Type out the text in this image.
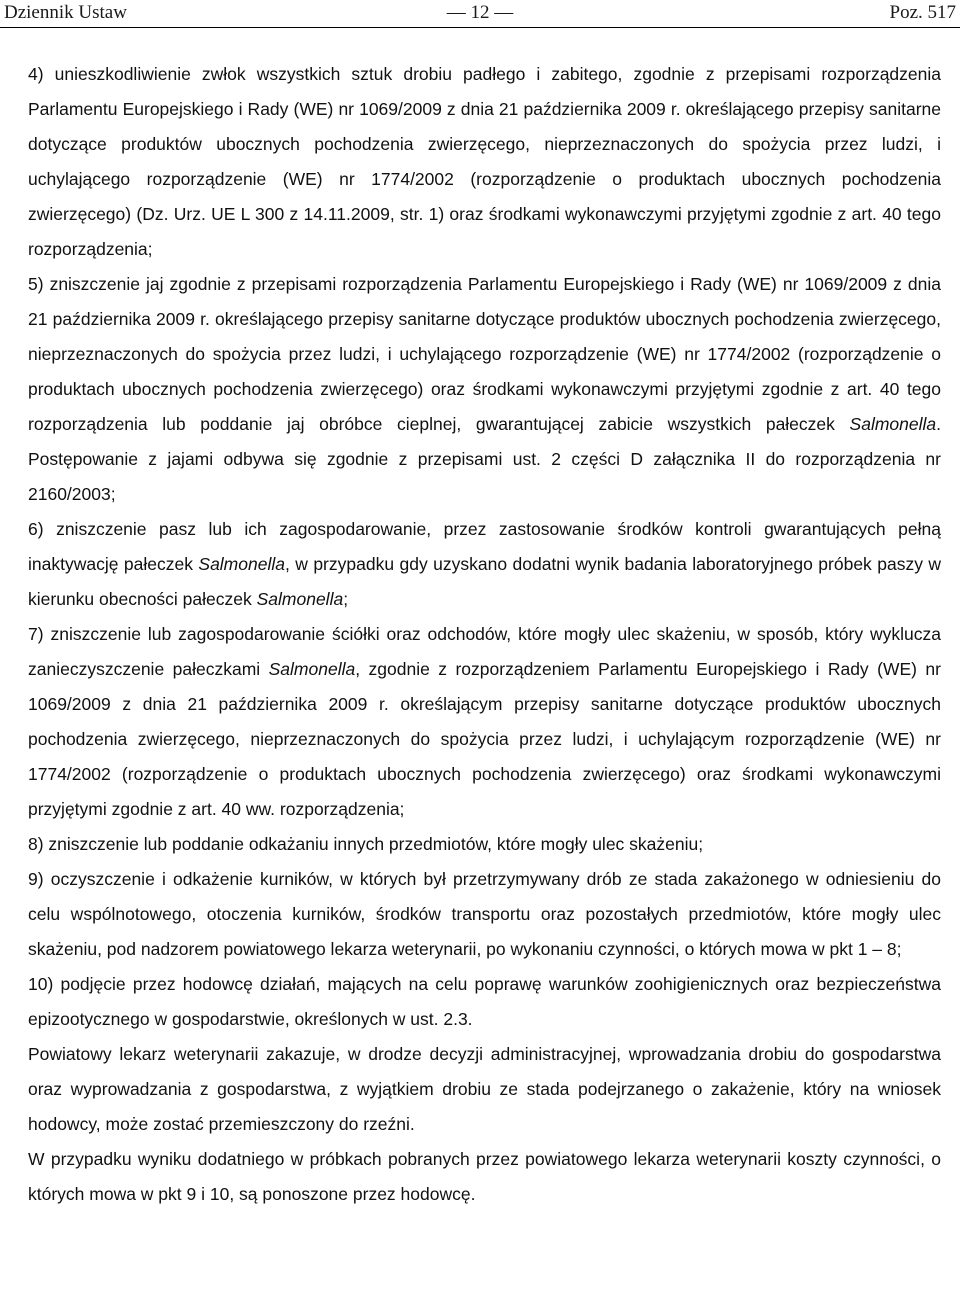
Dziennik Ustaw	— 12 —	Poz. 517

4) unieszkodliwienie zwłok wszystkich sztuk drobiu padłego i zabitego, zgodnie z przepisami rozporządzenia Parlamentu Europejskiego i Rady (WE) nr 1069/2009 z dnia 21 października 2009 r. określającego przepisy sanitarne dotyczące produktów ubocznych pochodzenia zwierzęcego, nieprzeznaczonych do spożycia przez ludzi, i uchylającego rozporządzenie (WE) nr 1774/2002 (rozporządzenie o produktach ubocznych pochodzenia zwierzęcego) (Dz. Urz. UE L 300 z 14.11.2009, str. 1) oraz środkami wykonawczymi przyjętymi zgodnie z art. 40 tego rozporządzenia;

5) zniszczenie jaj zgodnie z przepisami rozporządzenia Parlamentu Europejskiego i Rady (WE) nr 1069/2009 z dnia 21 października 2009 r. określającego przepisy sanitarne dotyczące produktów ubocznych pochodzenia zwierzęcego, nieprzeznaczonych do spożycia przez ludzi, i uchylającego rozporządzenie (WE) nr 1774/2002 (rozporządzenie o produktach ubocznych pochodzenia zwierzęcego) oraz środkami wykonawczymi przyjętymi zgodnie z art. 40 tego rozporządzenia lub poddanie jaj obróbce cieplnej, gwarantującej zabicie wszystkich pałeczek Salmonella. Postępowanie z jajami odbywa się zgodnie z przepisami ust. 2 części D załącznika II do rozporządzenia nr 2160/2003;

6) zniszczenie pasz lub ich zagospodarowanie, przez zastosowanie środków kontroli gwarantujących pełną inaktywację pałeczek Salmonella, w przypadku gdy uzyskano dodatni wynik badania laboratoryjnego próbek paszy w kierunku obecności pałeczek Salmonella;

7) zniszczenie lub zagospodarowanie ściółki oraz odchodów, które mogły ulec skażeniu, w sposób, który wyklucza zanieczyszczenie pałeczkami Salmonella, zgodnie z rozporządzeniem Parlamentu Europejskiego i Rady (WE) nr 1069/2009 z dnia 21 października 2009 r. określającym przepisy sanitarne dotyczące produktów ubocznych pochodzenia zwierzęcego, nieprzeznaczonych do spożycia przez ludzi, i uchylającym rozporządzenie (WE) nr 1774/2002 (rozporządzenie o produktach ubocznych pochodzenia zwierzęcego) oraz środkami wykonawczymi przyjętymi zgodnie z art. 40 ww. rozporządzenia;

8) zniszczenie lub poddanie odkażaniu innych przedmiotów, które mogły ulec skażeniu;

9) oczyszczenie i odkażenie kurników, w których był przetrzymywany drób ze stada zakażonego w odniesieniu do celu wspólnotowego, otoczenia kurników, środków transportu oraz pozostałych przedmiotów, które mogły ulec skażeniu, pod nadzorem powiatowego lekarza weterynarii, po wykonaniu czynności, o których mowa w pkt 1 – 8;

10) podjęcie przez hodowcę działań, mających na celu poprawę warunków zoohigienicznych oraz bezpieczeństwa epizootycznego w gospodarstwie, określonych w ust. 2.3.

Powiatowy lekarz weterynarii zakazuje, w drodze decyzji administracyjnej, wprowadzania drobiu do gospodarstwa oraz wyprowadzania z gospodarstwa, z wyjątkiem drobiu ze stada podejrzanego o zakażenie, który na wniosek hodowcy, może zostać przemieszczony do rzeźni.

W przypadku wyniku dodatniego w próbkach pobranych przez powiatowego lekarza weterynarii koszty czynności, o których mowa w pkt 9 i 10, są ponoszone przez hodowcę.
